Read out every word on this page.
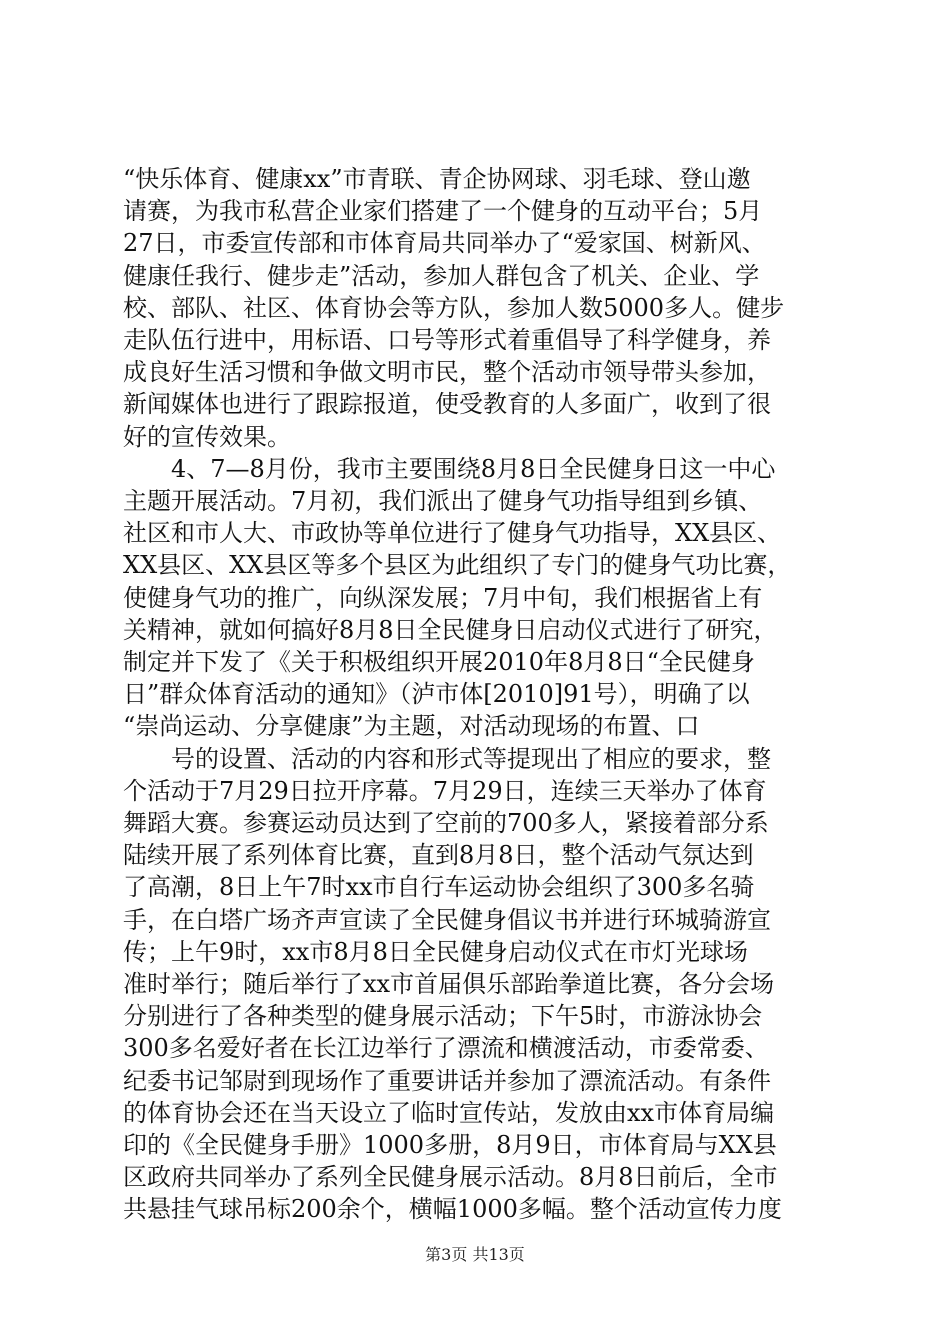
“快乐体育、健康xx”市青联、青企协网球、羽毛球、登山邀
请赛，为我市私营企业家们搭建了一个健身的互动平台；5月
27日，市委宣传部和市体育局共同举办了“爱家国、树新风、
健康任我行、健步走”活动，参加人群包含了机关、企业、学
校、部队、社区、体育协会等方队，参加人数5000多人。健步
走队伍行进中，用标语、口号等形式着重倡导了科学健身，养
成良好生活习惯和争做文明市民，整个活动市领导带头参加，
新闻媒体也进行了跟踪报道，使受教育的人多面广，收到了很
好的宣传效果。
　　4、7—8月份，我市主要围绕8月8日全民健身日这一中心
主题开展活动。7月初，我们派出了健身气功指导组到乡镇、
社区和市人大、市政协等单位进行了健身气功指导，XX县区、
XX县区、XX县区等多个县区为此组织了专门的健身气功比赛，
使健身气功的推广，向纵深发展；7月中旬，我们根据省上有
关精神，就如何搞好8月8日全民健身日启动仪式进行了研究，
制定并下发了《关于积极组织开展2010年8月8日“全民健身
日”群众体育活动的通知》（泸市体[2010]91号），明确了以
“崇尚运动、分享健康”为主题，对活动现场的布置、口
　　号的设置、活动的内容和形式等提现出了相应的要求，整
个活动于7月29日拉开序幕。7月29日，连续三天举办了体育
舞蹈大赛。参赛运动员达到了空前的700多人，紧接着部分系
陆续开展了系列体育比赛，直到8月8日，整个活动气氛达到
了高潮，8日上午7时xx市自行车运动协会组织了300多名骑
手，在白塔广场齐声宣读了全民健身倡议书并进行环城骑游宣
传；上午9时，xx市8月8日全民健身启动仪式在市灯光球场
准时举行；随后举行了xx市首届俱乐部跆拳道比赛，各分会场
分别进行了各种类型的健身展示活动；下午5时，市游泳协会
300多名爱好者在长江边举行了漂流和横渡活动，市委常委、
纪委书记邹尉到现场作了重要讲话并参加了漂流活动。有条件
的体育协会还在当天设立了临时宣传站，发放由xx市体育局编
印的《全民健身手册》1000多册，8月9日，市体育局与XX县
区政府共同举办了系列全民健身展示活动。8月8日前后，全市
共悬挂气球吊标200余个，横幅1000多幅。整个活动宣传力度
第3页 共13页
